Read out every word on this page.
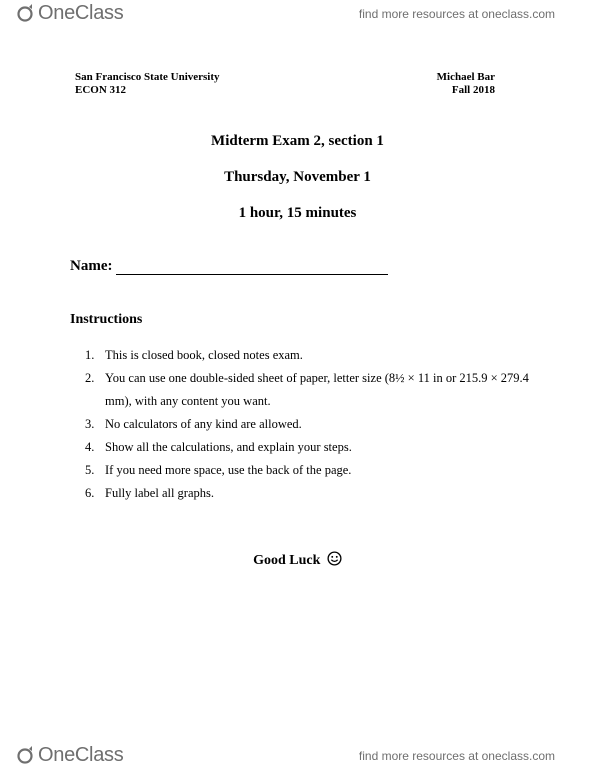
OneClass	find more resources at oneclass.com
San Francisco State University
ECON 312
Michael Bar
Fall 2018
Midterm Exam 2, section 1
Thursday, November 1
1 hour, 15 minutes
Name:
Instructions
1. This is closed book, closed notes exam.
2. You can use one double-sided sheet of paper, letter size (8½ × 11 in or 215.9 × 279.4 mm), with any content you want.
3. No calculators of any kind are allowed.
4. Show all the calculations, and explain your steps.
5. If you need more space, use the back of the page.
6. Fully label all graphs.
Good Luck
OneClass	find more resources at oneclass.com
